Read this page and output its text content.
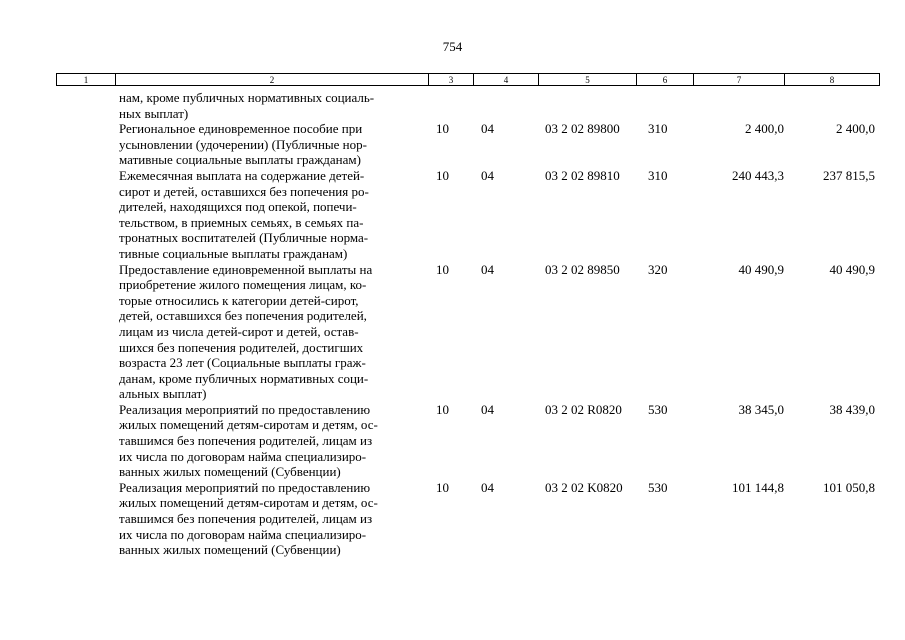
754
1	2	3	4	5	6	7	8
нам, кроме публичных нормативных социаль-
ных выплат)
Региональное единовременное пособие при
усыновлении (удочерении) (Публичные нор-
мативные социальные выплаты гражданам)
10 04	03 2 02 89800 310	2 400,0	2 400,0
Ежемесячная выплата на содержание детей-
сирот и детей, оставшихся без попечения ро-
дителей, находящихся под опекой, попечи-
тельством, в приемных семьях, в семьях па-
тронатных воспитателей (Публичные норма-
тивные социальные выплаты гражданам)
10 04	03 2 02 89810 310	240 443,3	237 815,5
Предоставление единовременной выплаты на
приобретение жилого помещения лицам, ко-
торые относились к категории детей-сирот,
детей, оставшихся без попечения родителей,
лицам из числа детей-сирот и детей, остав-
шихся без попечения родителей, достигших
возраста 23 лет (Социальные выплаты граж-
данам, кроме публичных нормативных соци-
альных выплат)
10 04	03 2 02 89850 320	40 490,9	40 490,9
Реализация мероприятий по предоставлению
жилых помещений детям-сиротам и детям, ос-
тавшимся без попечения родителей, лицам из
их числа по договорам найма специализиро-
ванных жилых помещений (Субвенции)
10 04	03 2 02 R0820 530	38 345,0	38 439,0
Реализация мероприятий по предоставлению
жилых помещений детям-сиротам и детям, ос-
тавшимся без попечения родителей, лицам из
их числа по договорам найма специализиро-
ванных жилых помещений (Субвенции)
10 04	03 2 02 K0820 530	101 144,8	101 050,8
